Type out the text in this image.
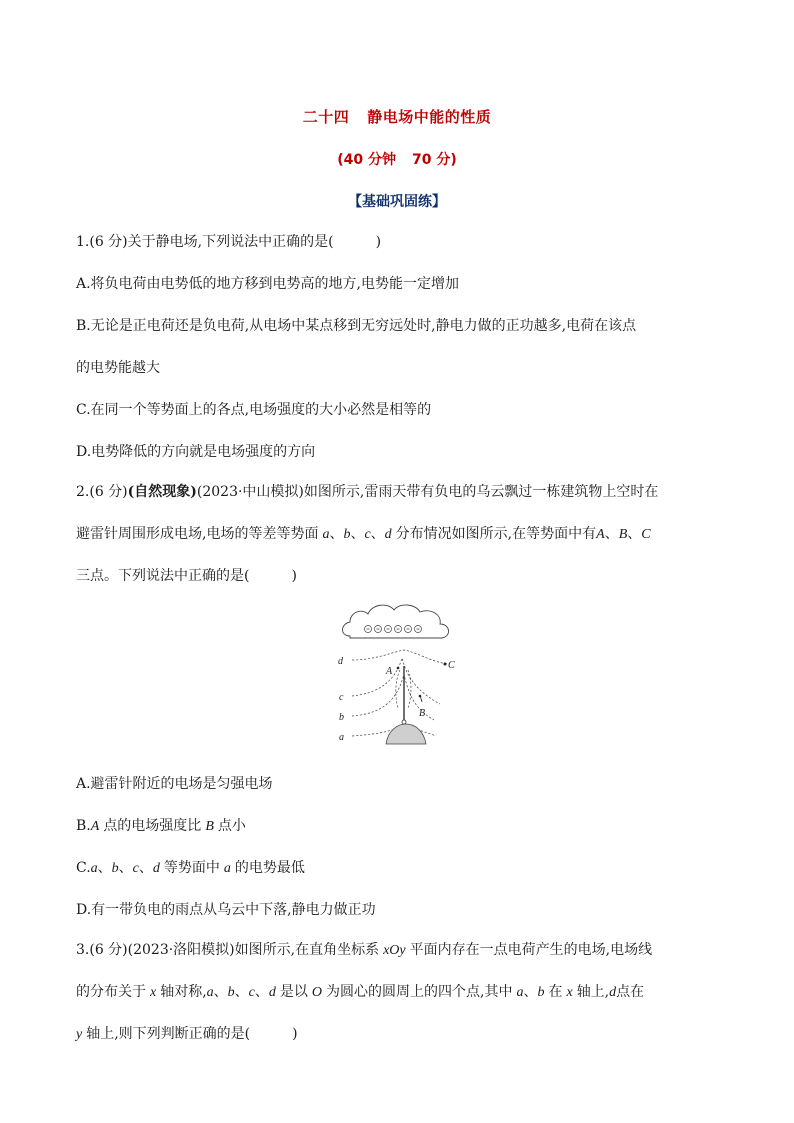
二十四 静电场中能的性质
(40 分钟 70 分)
【基础巩固练】
1.(6 分)关于静电场,下列说法中正确的是(	)
A.将负电荷由电势低的地方移到电势高的地方,电势能一定增加
B.无论是正电荷还是负电荷,从电场中某点移到无穷远处时,静电力做的正功越多,电荷在该点
的电势能越大
C.在同一个等势面上的各点,电场强度的大小必然是相等的
D.电势降低的方向就是电场强度的方向
2.(6 分)(自然现象)(2023·中山模拟)如图所示,雷雨天带有负电的乌云飘过一栋建筑物上空时在
避雷针周围形成电场,电场的等差等势面 a、b、c、d 分布情况如图所示,在等势面中有A、B、C
三点。下列说法中正确的是(	)
d
c
b
a
C
A
B
A.避雷针附近的电场是匀强电场
B.A 点的电场强度比 B 点小
C.a、b、c、d 等势面中 a 的电势最低
D.有一带负电的雨点从乌云中下落,静电力做正功
3.(6 分)(2023·洛阳模拟)如图所示,在直角坐标系 xOy 平面内存在一点电荷产生的电场,电场线
的分布关于 x 轴对称,a、b、c、d 是以 O 为圆心的圆周上的四个点,其中 a、b 在 x 轴上,d点在
y 轴上,则下列判断正确的是(	)
